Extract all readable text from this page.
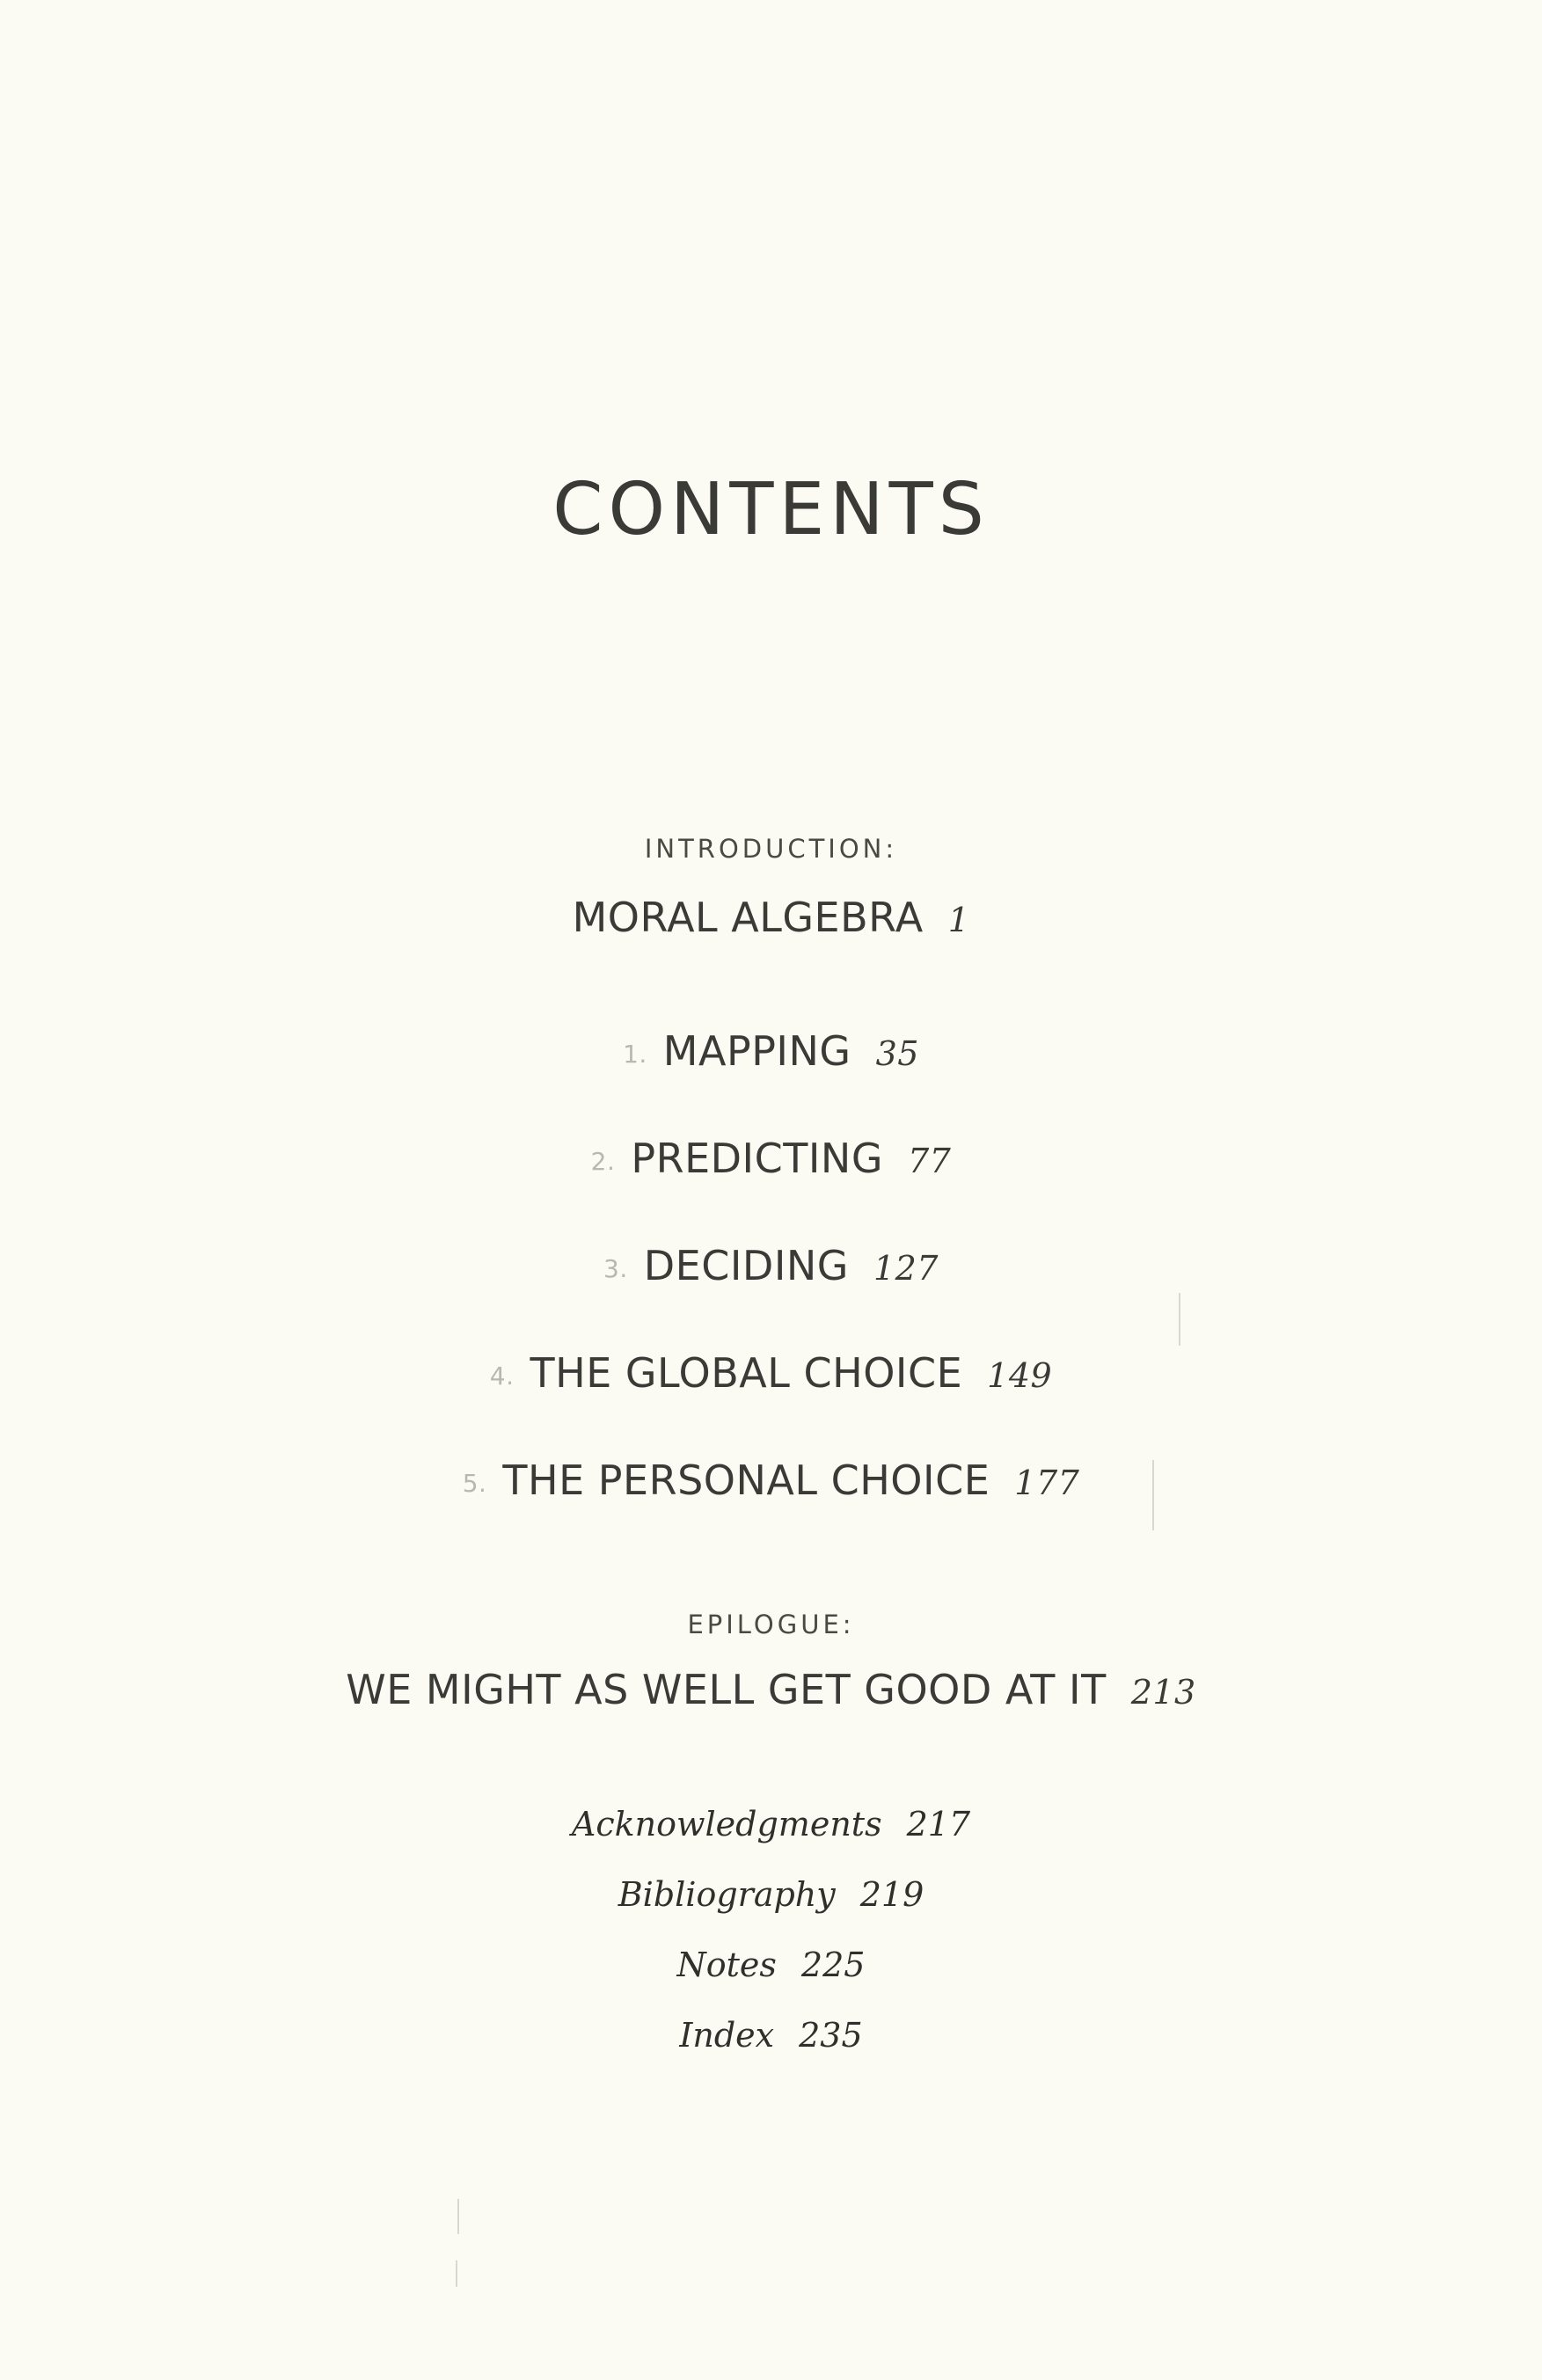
CONTENTS
INTRODUCTION:
MORAL ALGEBRA 1
1. MAPPING 35
2. PREDICTING 77
3. DECIDING 127
4. THE GLOBAL CHOICE 149
5. THE PERSONAL CHOICE 177
EPILOGUE:
WE MIGHT AS WELL GET GOOD AT IT 213
Acknowledgments 217
Bibliography 219
Notes 225
Index 235
